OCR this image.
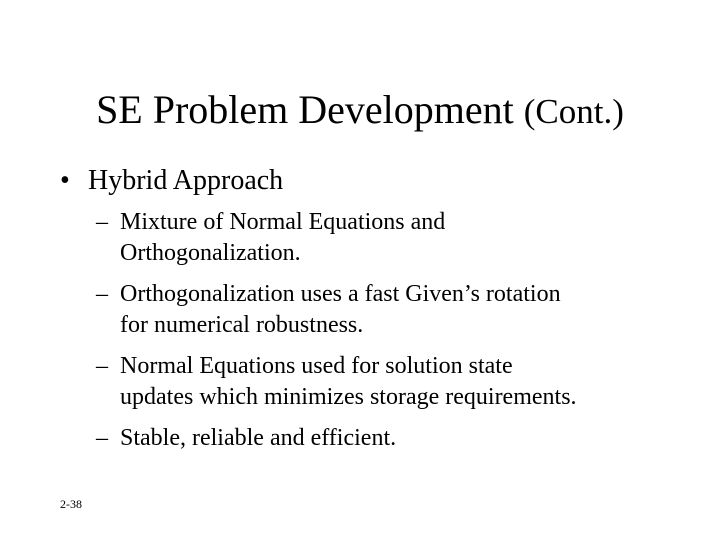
SE Problem Development (Cont.)
• Hybrid Approach
– Mixture of Normal Equations and
Orthogonalization.
– Orthogonalization uses a fast Given’s rotation
for numerical robustness.
– Normal Equations used for solution state
updates which minimizes storage requirements.
– Stable, reliable and efficient.
2-38
